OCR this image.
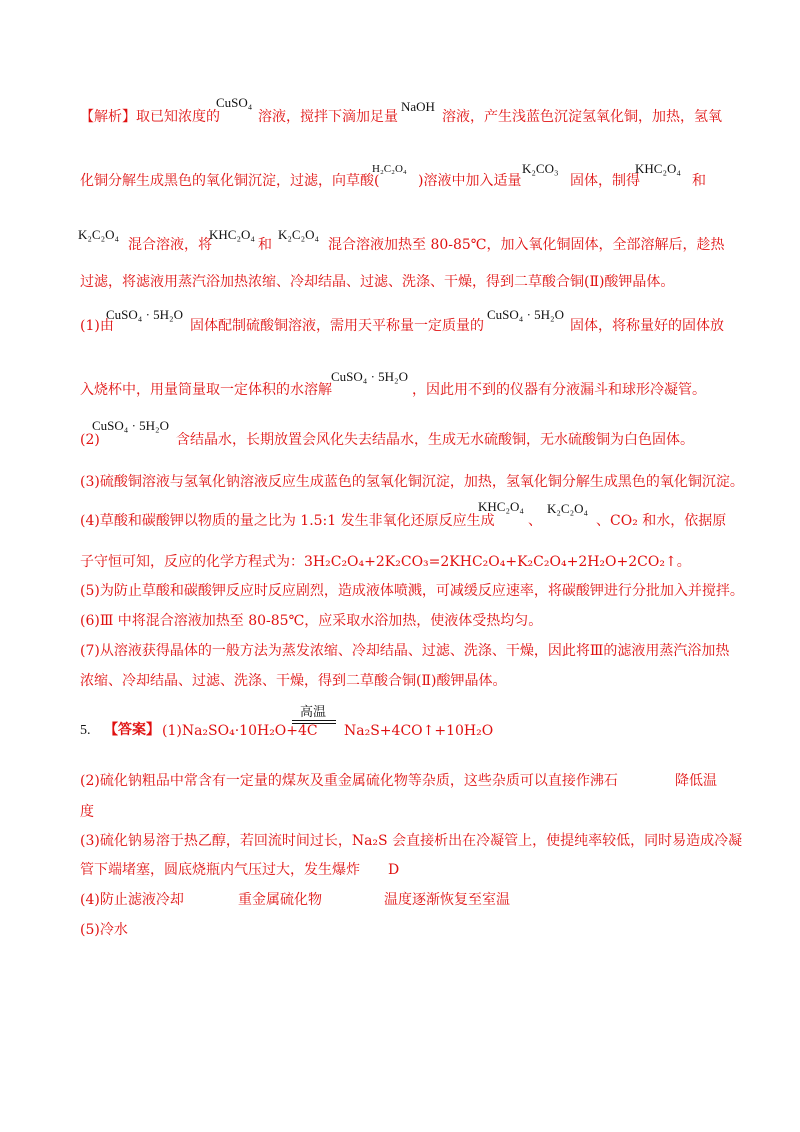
【解析】取已知浓度的
CuSO₄
溶液，搅拌下滴加足量
NaOH
溶液，产生浅蓝色沉淀氢氧化铜，加热，氢氧
化铜分解生成黑色的氧化铜沉淀，过滤，向草酸(
H₂C₂O₄
)溶液中加入适量
K₂CO₃
固体，制得
KHC₂O₄
和
K₂C₂O₄
混合溶液，将
KHC₂O₄
和
K₂C₂O₄
混合溶液加热至 80-85℃，加入氧化铜固体，全部溶解后，趁热
过滤，将滤液用蒸汽浴加热浓缩、冷却结晶、过滤、洗涤、干燥，得到二草酸合铜(Ⅱ)酸钾晶体。
(1)由
CuSO₄ · 5H₂O
固体配制硫酸铜溶液，需用天平称量一定质量的
CuSO₄ · 5H₂O
固体，将称量好的固体放
入烧杯中，用量筒量取一定体积的水溶解
CuSO₄ · 5H₂O
，因此用不到的仪器有分液漏斗和球形冷凝管。
CuSO₄ · 5H₂O
(2)	含结晶水，长期放置会风化失去结晶水，生成无水硫酸铜，无水硫酸铜为白色固体。
(3)硫酸铜溶液与氢氧化钠溶液反应生成蓝色的氢氧化铜沉淀，加热，氢氧化铜分解生成黑色的氧化铜沉淀。
(4)草酸和碳酸钾以物质的量之比为 1.5:1 发生非氧化还原反应生成
KHC₂O₄
、
K₂C₂O₄
、CO₂ 和水，依据原
子守恒可知，反应的化学方程式为：3H₂C₂O₄+2K₂CO₃=2KHC₂O₄+K₂C₂O₄+2H₂O+2CO₂↑。
(5)为防止草酸和碳酸钾反应时反应剧烈，造成液体喷溅，可减缓反应速率，将碳酸钾进行分批加入并搅拌。
(6)Ⅲ 中将混合溶液加热至 80-85℃，应采取水浴加热，使液体受热均匀。
(7)从溶液获得晶体的一般方法为蒸发浓缩、冷却结晶、过滤、洗涤、干燥，因此将Ⅲ的滤液用蒸汽浴加热
浓缩、冷却结晶、过滤、洗涤、干燥，得到二草酸合铜(Ⅱ)酸钾晶体。
5. 【答案】 (1)Na₂SO₄·10H₂O+4C
高温
Na₂S+4CO↑+10H₂O
(2)硫化钠粗品中常含有一定量的煤灰及重金属硫化物等杂质，这些杂质可以直接作沸石	降低温
度
(3)硫化钠易溶于热乙醇，若回流时间过长，Na₂S 会直接析出在冷凝管上，使提纯率较低，同时易造成冷凝
管下端堵塞，圆底烧瓶内气压过大，发生爆炸 D
(4)防止滤液冷却	重金属硫化物	温度逐渐恢复至室温
(5)冷水
